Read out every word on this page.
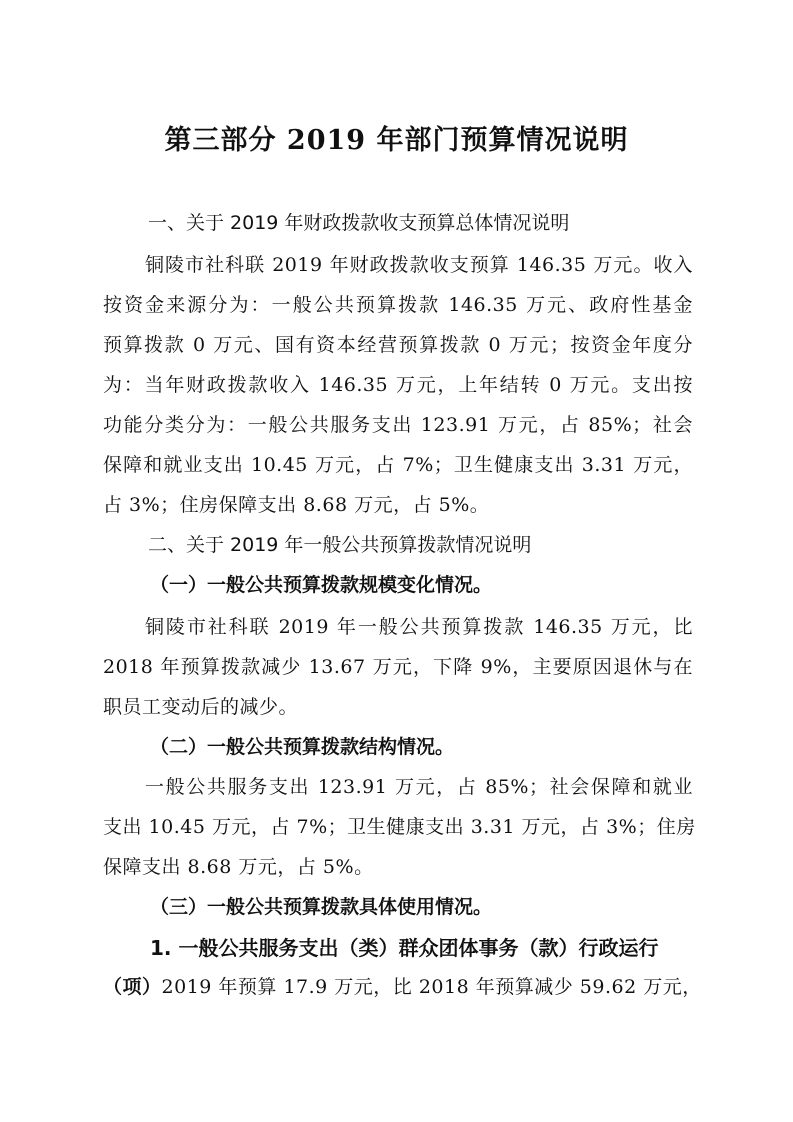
第三部分 2019 年部门预算情况说明
一、关于 2019 年财政拨款收支预算总体情况说明
铜陵市社科联 2019 年财政拨款收支预算 146.35 万元。收入
按资金来源分为：一般公共预算拨款 146.35 万元、政府性基金
预算拨款 0 万元、国有资本经营预算拨款 0 万元；按资金年度分
为：当年财政拨款收入 146.35 万元，上年结转 0 万元。支出按
功能分类分为：一般公共服务支出 123.91 万元，占 85%；社会
保障和就业支出 10.45 万元，占 7%；卫生健康支出 3.31 万元，
占 3%；住房保障支出 8.68 万元，占 5%。
二、关于 2019 年一般公共预算拨款情况说明
（一）一般公共预算拨款规模变化情况。
铜陵市社科联 2019 年一般公共预算拨款 146.35 万元，比
2018 年预算拨款减少 13.67 万元，下降 9%，主要原因退休与在
职员工变动后的减少。
（二）一般公共预算拨款结构情况。
一般公共服务支出 123.91 万元，占 85%；社会保障和就业
支出 10.45 万元，占 7%；卫生健康支出 3.31 万元，占 3%；住房
保障支出 8.68 万元，占 5%。
（三）一般公共预算拨款具体使用情况。
1. 一般公共服务支出（类）群众团体事务（款）行政运行
（项）2019 年预算 17.9 万元，比 2018 年预算减少 59.62 万元，
